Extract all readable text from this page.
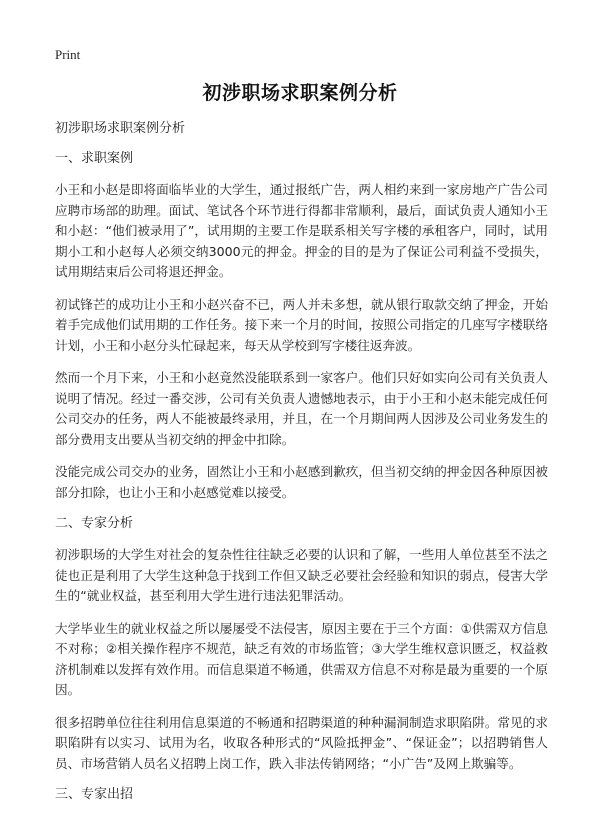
Print
初涉职场求职案例分析

初涉职场求职案例分析

一、求职案例

小王和小赵是即将面临毕业的大学生，通过报纸广告，两人相约来到一家房地产广告公司应聘市场部的助理。面试、笔试各个环节进行得都非常顺利，最后，面试负责人通知小王和小赵：“他们被录用了”，试用期的主要工作是联系相关写字楼的承租客户，同时，试用期小工和小赵每人必须交纳3000元的押金。押金的目的是为了保证公司利益不受损失，试用期结束后公司将退还押金。

初试锋芒的成功让小王和小赵兴奋不已，两人并未多想，就从银行取款交纳了押金，开始着手完成他们试用期的工作任务。接下来一个月的时间，按照公司指定的几座写字楼联络计划，小王和小赵分头忙碌起来，每天从学校到写字楼往返奔波。

然而一个月下来，小王和小赵竟然没能联系到一家客户。他们只好如实向公司有关负责人说明了情况。经过一番交涉，公司有关负责人遗憾地表示，由于小王和小赵未能完成任何公司交办的任务，两人不能被最终录用，并且，在一个月期间两人因涉及公司业务发生的部分费用支出要从当初交纳的押金中扣除。

没能完成公司交办的业务，固然让小王和小赵感到歉疚，但当初交纳的押金因各种原因被部分扣除，也让小王和小赵感觉难以接受。

二、专家分析

初涉职场的大学生对社会的复杂性往往缺乏必要的认识和了解，一些用人单位甚至不法之徒也正是利用了大学生这种急于找到工作但又缺乏必要社会经验和知识的弱点，侵害大学生的“就业权益，甚至利用大学生进行违法犯罪活动。

大学毕业生的就业权益之所以屡屡受不法侵害，原因主要在于三个方面：①供需双方信息不对称；②相关操作程序不规范，缺乏有效的市场监管；③大学生维权意识匮乏，权益救济机制难以发挥有效作用。而信息渠道不畅通，供需双方信息不对称是最为重要的一个原因。

很多招聘单位往往利用信息渠道的不畅通和招聘渠道的种种漏洞制造求职陷阱。常见的求职陷阱有以实习、试用为名，收取各种形式的“风险抵押金”、“保证金”；以招聘销售人员、市场营销人员名义招聘上岗工作，跌入非法传销网络；“小广告”及网上欺骗等。

三、专家出招
